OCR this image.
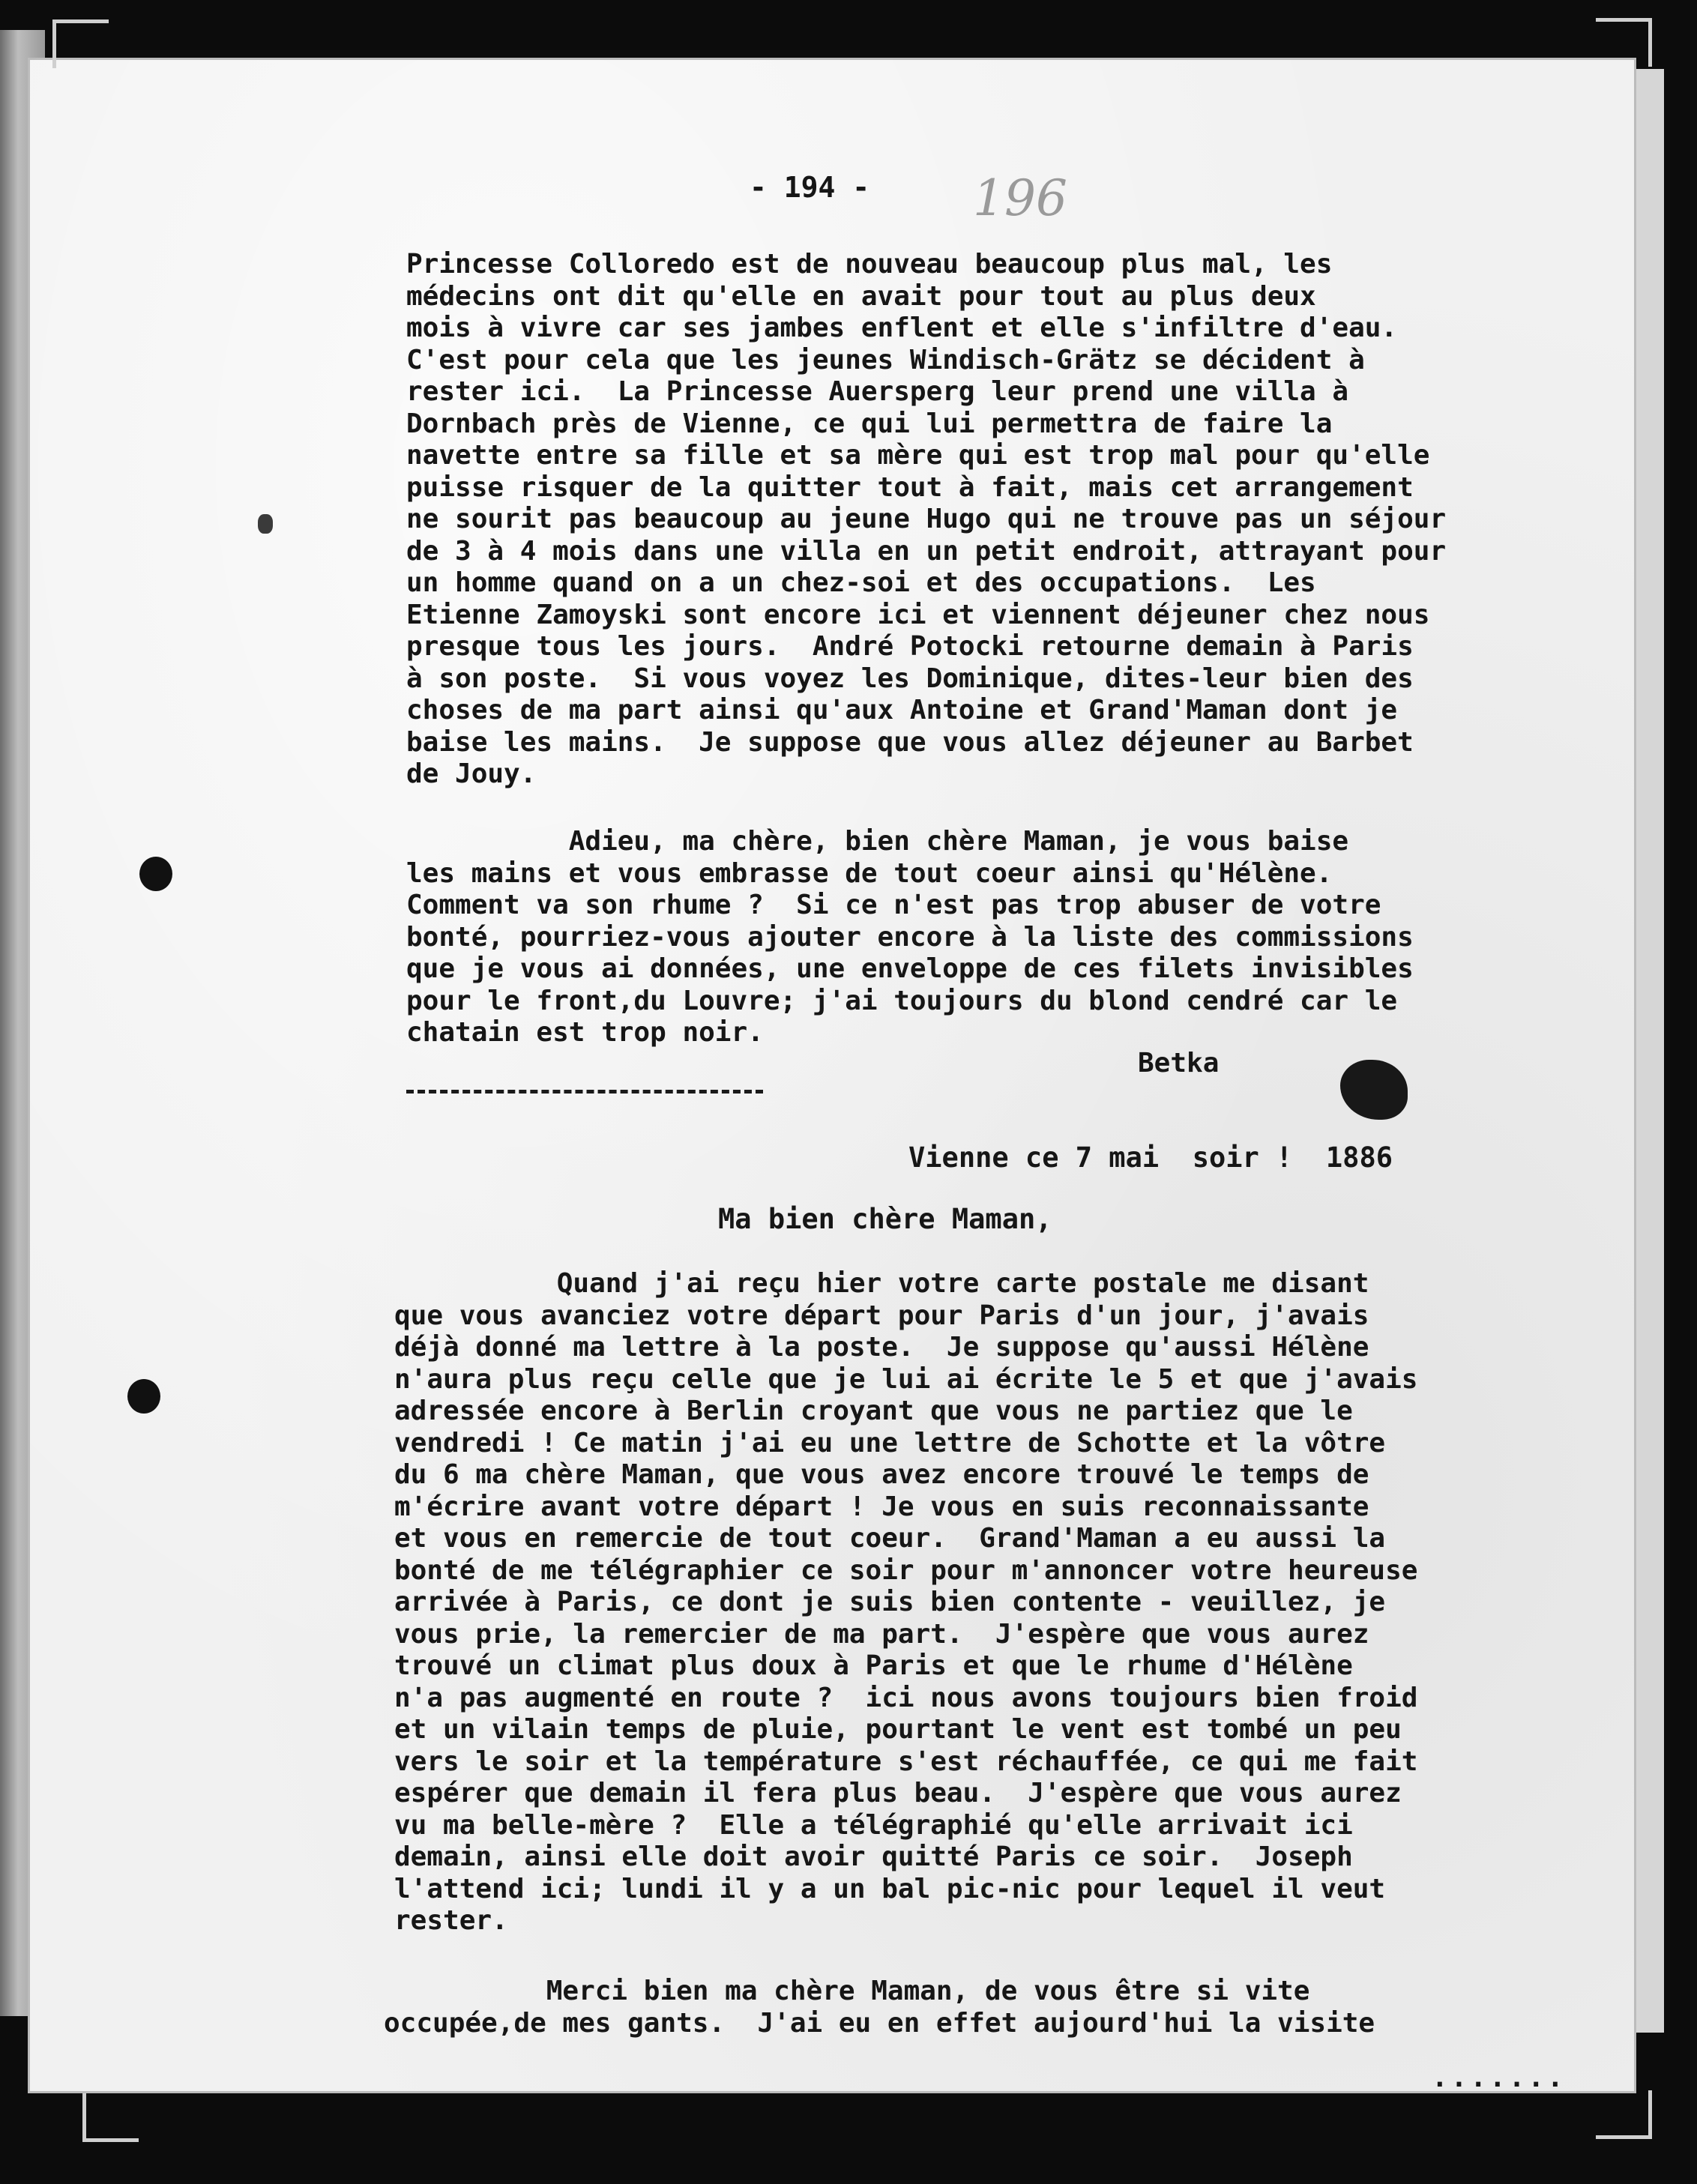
- 194 - 196
Princesse Colloredo est de nouveau beaucoup plus mal, les
médecins ont dit qu'elle en avait pour tout au plus deux
mois à vivre car ses jambes enflent et elle s'infiltre d'eau.
C'est pour cela que les jeunes Windisch-Grätz se décident à
rester ici.  La Princesse Auersperg leur prend une villa à
Dornbach près de Vienne, ce qui lui permettra de faire la
navette entre sa fille et sa mère qui est trop mal pour qu'elle
puisse risquer de la quitter tout à fait, mais cet arrangement
ne sourit pas beaucoup au jeune Hugo qui ne trouve pas un séjour
de 3 à 4 mois dans une villa en un petit endroit, attrayant pour
un homme quand on a un chez-soi et des occupations.  Les
Etienne Zamoyski sont encore ici et viennent déjeuner chez nous
presque tous les jours.  André Potocki retourne demain à Paris
à son poste.  Si vous voyez les Dominique, dites-leur bien des
choses de ma part ainsi qu'aux Antoine et Grand'Maman dont je
baise les mains.  Je suppose que vous allez déjeuner au Barbet
de Jouy.
Adieu, ma chère, bien chère Maman, je vous baise
les mains et vous embrasse de tout coeur ainsi qu'Hélène.
Comment va son rhume ?  Si ce n'est pas trop abuser de votre
bonté, pourriez-vous ajouter encore à la liste des commissions
que je vous ai données, une enveloppe de ces filets invisibles
pour le front,du Louvre; j'ai toujours du blond cendré car le
chatain est trop noir.
Betka
Vienne ce 7 mai  soir !  1886
Ma bien chère Maman,
Quand j'ai reçu hier votre carte postale me disant
que vous avanciez votre départ pour Paris d'un jour, j'avais
déjà donné ma lettre à la poste.  Je suppose qu'aussi Hélène
n'aura plus reçu celle que je lui ai écrite le 5 et que j'avais
adressée encore à Berlin croyant que vous ne partiez que le
vendredi ! Ce matin j'ai eu une lettre de Schotte et la vôtre
du 6 ma chère Maman, que vous avez encore trouvé le temps de
m'écrire avant votre départ ! Je vous en suis reconnaissante
et vous en remercie de tout coeur.  Grand'Maman a eu aussi la
bonté de me télégraphier ce soir pour m'annoncer votre heureuse
arrivée à Paris, ce dont je suis bien contente - veuillez, je
vous prie, la remercier de ma part.  J'espère que vous aurez
trouvé un climat plus doux à Paris et que le rhume d'Hélène
n'a pas augmenté en route ?  ici nous avons toujours bien froid
et un vilain temps de pluie, pourtant le vent est tombé un peu
vers le soir et la température s'est réchauffée, ce qui me fait
espérer que demain il fera plus beau.  J'espère que vous aurez
vu ma belle-mère ?  Elle a télégraphié qu'elle arrivait ici
demain, ainsi elle doit avoir quitté Paris ce soir.  Joseph
l'attend ici; lundi il y a un bal pic-nic pour lequel il veut
rester.
Merci bien ma chère Maman, de vous être si vite
occupée,de mes gants.  J'ai eu en effet aujourd'hui la visite
.......
